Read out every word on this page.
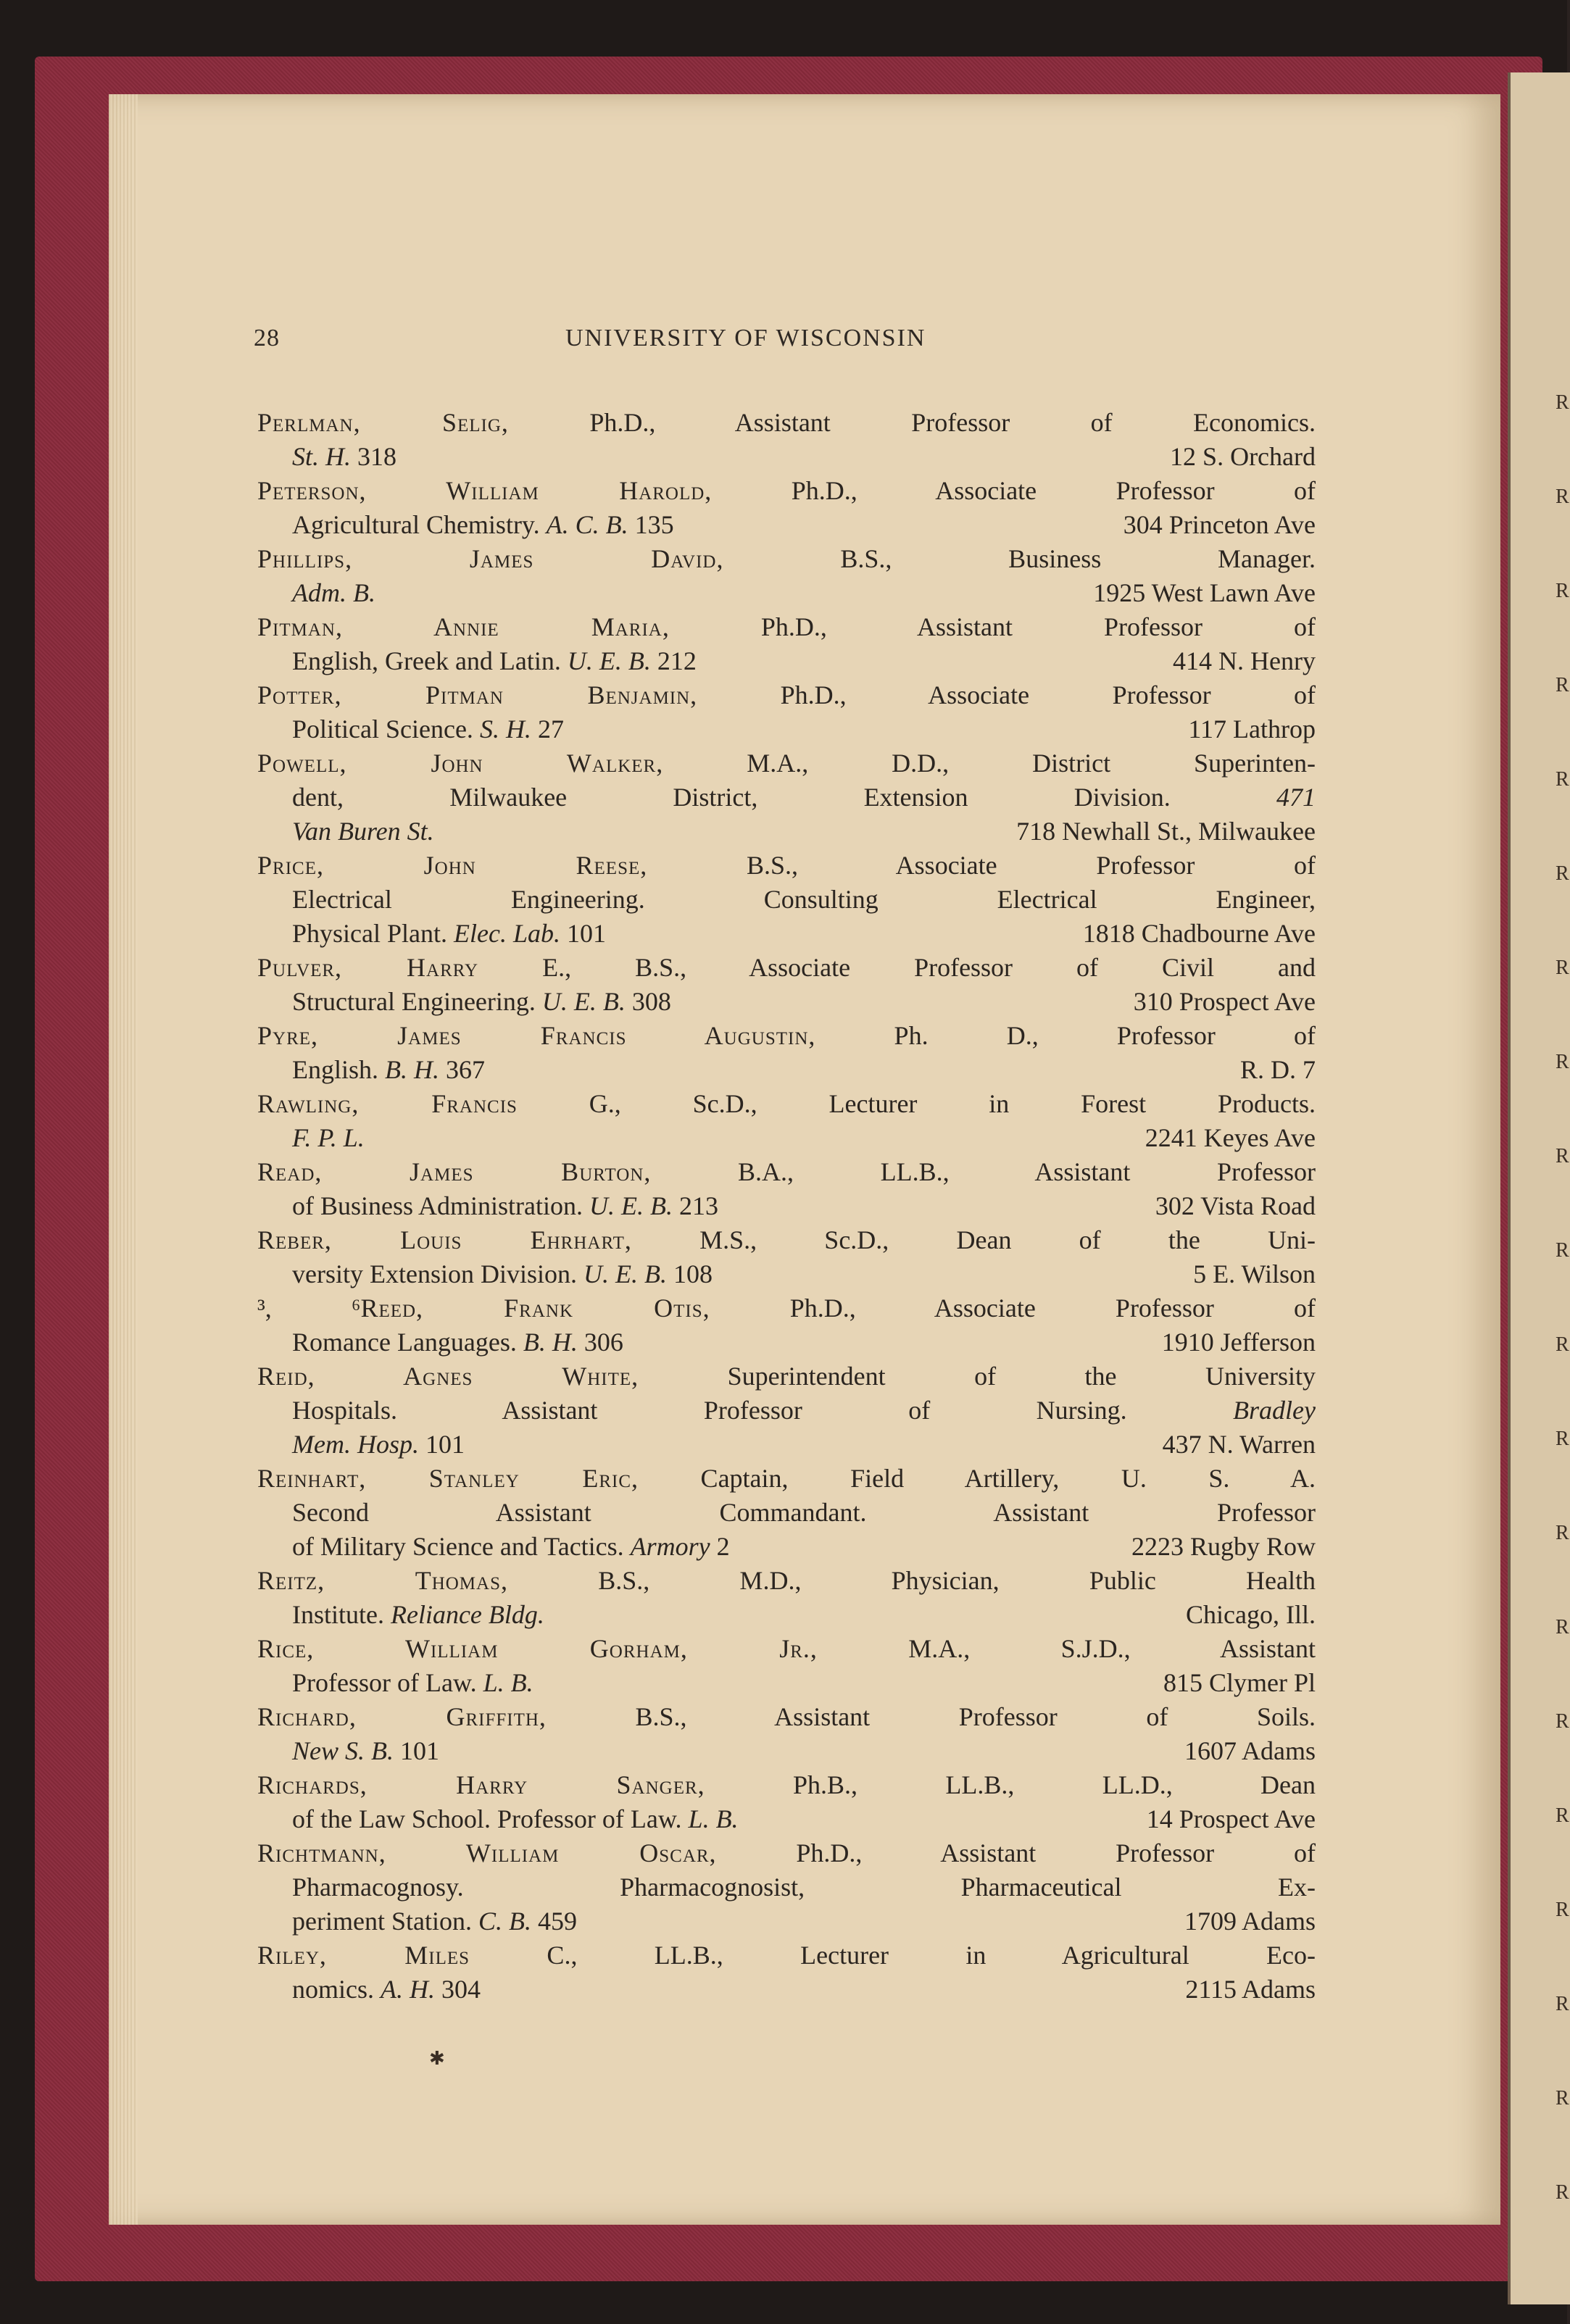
R
R
R
R
R
R
R
R
R
R
R
R
R
R
R
R
R
R
R
R
28	UNIVERSITY OF WISCONSIN
Perlman, Selig, Ph.D., Assistant Professor of Economics.
St. H. 318	12 S. Orchard
Peterson, William Harold, Ph.D., Associate Professor of
Agricultural Chemistry. A. C. B. 135	304 Princeton Ave
Phillips, James David, B.S., Business Manager.
Adm. B.	1925 West Lawn Ave
Pitman, Annie Maria, Ph.D., Assistant Professor of
English, Greek and Latin. U. E. B. 212	414 N. Henry
Potter, Pitman Benjamin, Ph.D., Associate Professor of
Political Science. S. H. 27	117 Lathrop
Powell, John Walker, M.A., D.D., District Superinten-
dent, Milwaukee District, Extension Division. 471
Van Buren St.	718 Newhall St., Milwaukee
Price, John Reese, B.S., Associate Professor of
Electrical Engineering. Consulting Electrical Engineer,
Physical Plant. Elec. Lab. 101	1818 Chadbourne Ave
Pulver, Harry E., B.S., Associate Professor of Civil and
Structural Engineering. U. E. B. 308	310 Prospect Ave
Pyre, James Francis Augustin, Ph. D., Professor of
English. B. H. 367	R. D. 7
Rawling, Francis G., Sc.D., Lecturer in Forest Products.
F. P. L.	2241 Keyes Ave
Read, James Burton, B.A., LL.B., Assistant Professor
of Business Administration. U. E. B. 213	302 Vista Road
Reber, Louis Ehrhart, M.S., Sc.D., Dean of the Uni-
versity Extension Division. U. E. B. 108	5 E. Wilson
³, ⁶Reed, Frank Otis, Ph.D., Associate Professor of
Romance Languages. B. H. 306	1910 Jefferson
Reid, Agnes White, Superintendent of the University
Hospitals. Assistant Professor of Nursing. Bradley
Mem. Hosp. 101	437 N. Warren
Reinhart, Stanley Eric, Captain, Field Artillery, U. S. A.
Second Assistant Commandant. Assistant Professor
of Military Science and Tactics. Armory 2	2223 Rugby Row
Reitz, Thomas, B.S., M.D., Physician, Public Health
Institute. Reliance Bldg.	Chicago, Ill.
Rice, William Gorham, Jr., M.A., S.J.D., Assistant
Professor of Law. L. B.	815 Clymer Pl
Richard, Griffith, B.S., Assistant Professor of Soils.
New S. B. 101	1607 Adams
Richards, Harry Sanger, Ph.B., LL.B., LL.D., Dean
of the Law School. Professor of Law. L. B.	14 Prospect Ave
Richtmann, William Oscar, Ph.D., Assistant Professor of
Pharmacognosy. Pharmacognosist, Pharmaceutical Ex-
periment Station. C. B. 459	1709 Adams
Riley, Miles C., LL.B., Lecturer in Agricultural Eco-
nomics. A. H. 304	2115 Adams
✱
